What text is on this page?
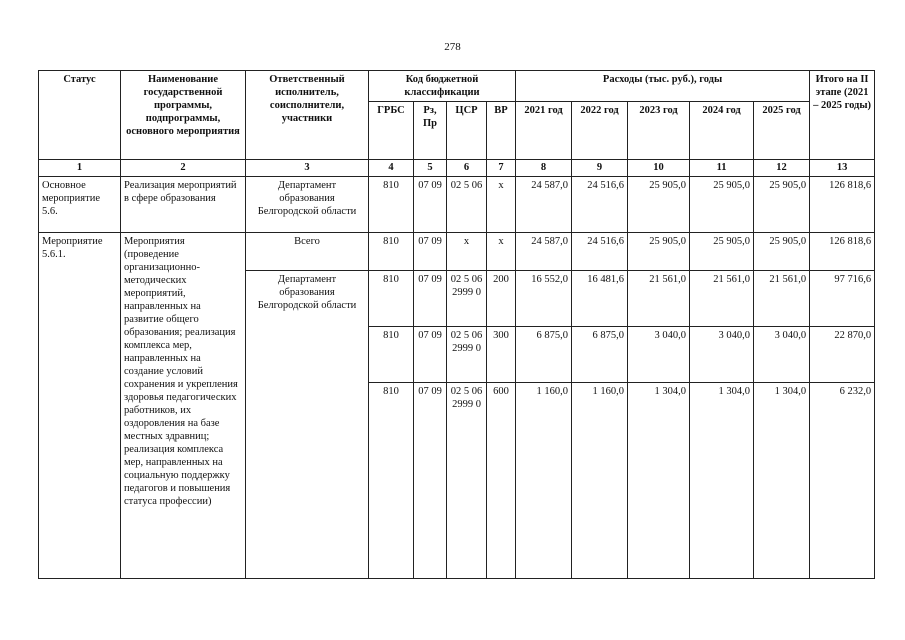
278
Статус	Наименование государственной программы, подпрограммы, основного мероприятия	Ответственный исполнитель, соисполнители, участники	Код бюджетной классификации				Расходы (тыс. руб.), годы					Итого на II этапе (2021 – 2025 годы)
			ГРБС	Рз, Пр	ЦСР	ВР	2021 год	2022 год	2023 год	2024 год	2025 год	
1	2	3	4	5	6	7	8	9	10	11	12	13
Основное мероприятие 5.6.	Реализация мероприятий в сфере образования	Департамент образования Белгородской области	810	07 09	02 5 06	х	24 587,0	24 516,6	25 905,0	25 905,0	25 905,0	126 818,6
Мероприятие 5.6.1.	Мероприятия (проведение организационно-методических мероприятий, направленных на развитие общего образования; реализация комплекса мер, направленных на создание условий сохранения и укрепления здоровья педагогических работников, их оздоровления на базе местных здравниц; реализация комплекса мер, направленных на социальную поддержку педагогов и повышения статуса профессии)	Всего	810	07 09	х	х	24 587,0	24 516,6	25 905,0	25 905,0	25 905,0	126 818,6
		Департамент образования Белгородской области	810	07 09	02 5 06 2999 0	200	16 552,0	16 481,6	21 561,0	21 561,0	21 561,0	97 716,6
			810	07 09	02 5 06 2999 0	300	6 875,0	6 875,0	3 040,0	3 040,0	3 040,0	22 870,0
			810	07 09	02 5 06 2999 0	600	1 160,0	1 160,0	1 304,0	1 304,0	1 304,0	6 232,0
